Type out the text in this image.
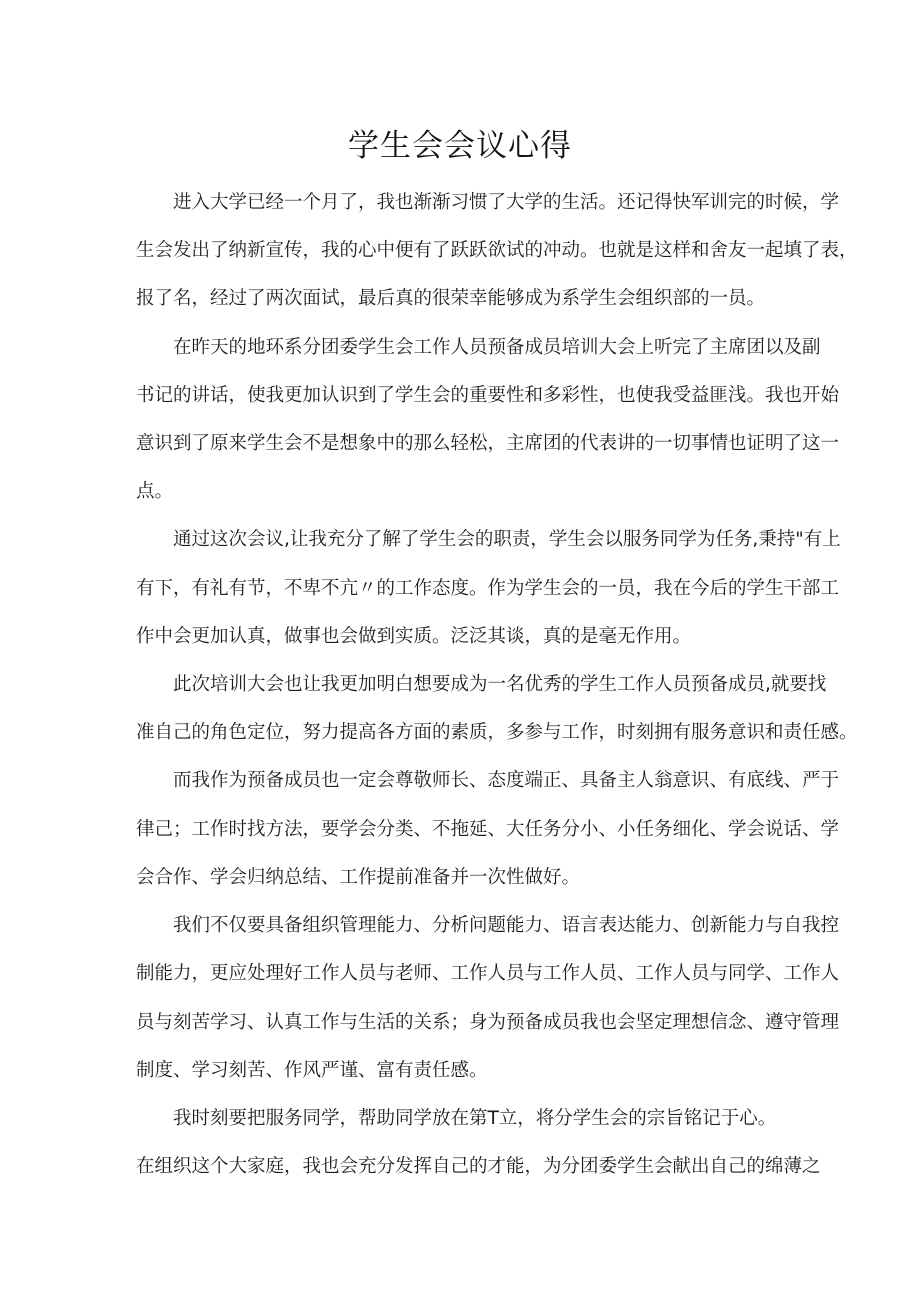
学生会会议心得
进入大学已经一个月了，我也渐渐习惯了大学的生活。还记得快军训完的时候，学
生会发出了纳新宣传，我的心中便有了跃跃欲试的冲动。也就是这样和舍友一起填了表，
报了名，经过了两次面试，最后真的很荣幸能够成为系学生会组织部的一员。
在昨天的地环系分团委学生会工作人员预备成员培训大会上听完了主席团以及副
书记的讲话，使我更加认识到了学生会的重要性和多彩性，也使我受益匪浅。我也开始
意识到了原来学生会不是想象中的那么轻松，主席团的代表讲的一切事情也证明了这一
点。
通过这次会议,让我充分了解了学生会的职责，学生会以服务同学为任务,秉持"有上
有下，有礼有节，不卑不亢〃的工作态度。作为学生会的一员，我在今后的学生干部工
作中会更加认真，做事也会做到实质。泛泛其谈，真的是毫无作用。
此次培训大会也让我更加明白想要成为一名优秀的学生工作人员预备成员,就要找
准自己的角色定位，努力提高各方面的素质，多参与工作，时刻拥有服务意识和责任感。
而我作为预备成员也一定会尊敬师长、态度端正、具备主人翁意识、有底线、严于
律己；工作时找方法，要学会分类、不拖延、大任务分小、小任务细化、学会说话、学
会合作、学会归纳总结、工作提前准备并一次性做好。
我们不仅要具备组织管理能力、分析问题能力、语言表达能力、创新能力与自我控
制能力，更应处理好工作人员与老师、工作人员与工作人员、工作人员与同学、工作人
员与刻苦学习、认真工作与生活的关系；身为预备成员我也会坚定理想信念、遵守管理
制度、学习刻苦、作风严谨、富有责任感。
我时刻要把服务同学，帮助同学放在第T立，将分学生会的宗旨铭记于心。
在组织这个大家庭，我也会充分发挥自己的才能，为分团委学生会献出自己的绵薄之
